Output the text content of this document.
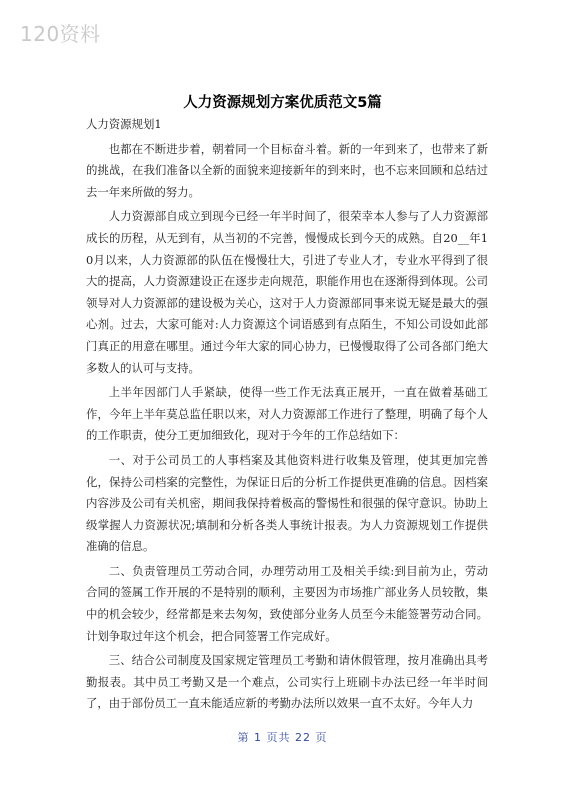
120资料
人力资源规划方案优质范文5篇

人力资源规划1

也都在不断进步着，朝着同一个目标奋斗着。新的一年到来了，也带来了新的挑战，在我们准备以全新的面貌来迎接新年的到来时，也不忘来回顾和总结过去一年来所做的努力。

人力资源部自成立到现今已经一年半时间了，很荣幸本人参与了人力资源部成长的历程，从无到有，从当初的不完善，慢慢成长到今天的成熟。自20__年10月以来，人力资源部的队伍在慢慢壮大，引进了专业人才，专业水平得到了很大的提高，人力资源建设正在逐步走向规范，职能作用也在逐渐得到体现。公司领导对人力资源部的建设极为关心，这对于人力资源部同事来说无疑是最大的强心剂。过去，大家可能对:人力资源这个词语感到有点陌生，不知公司设如此部门真正的用意在哪里。通过今年大家的同心协力，已慢慢取得了公司各部门绝大多数人的认可与支持。

上半年因部门人手紧缺，使得一些工作无法真正展开，一直在做着基础工作，今年上半年莫总监任职以来，对人力资源部工作进行了整理，明确了每个人的工作职责，使分工更加细致化，现对于今年的工作总结如下：

一、对于公司员工的人事档案及其他资料进行收集及管理，使其更加完善化，保持公司档案的完整性，为保证日后的分析工作提供更准确的信息。因档案内容涉及公司有关机密，期间我保持着极高的警惕性和很强的保守意识。协助上级掌握人力资源状况;填制和分析各类人事统计报表。为人力资源规划工作提供准确的信息。

二、负责管理员工劳动合同，办理劳动用工及相关手续:到目前为止，劳动合同的签属工作开展的不是特别的顺利，主要因为市场推广部业务人员较散，集中的机会较少，经常都是来去匆匆，致使部分业务人员至今未能签署劳动合同。计划争取过年这个机会，把合同签署工作完成好。

三、结合公司制度及国家规定管理员工考勤和请休假管理，按月准确出具考勤报表。其中员工考勤又是一个难点，公司实行上班刷卡办法已经一年半时间了，由于部份员工一直未能适应新的考勤办法所以效果一直不太好。今年人力

第 1 页共 22 页
